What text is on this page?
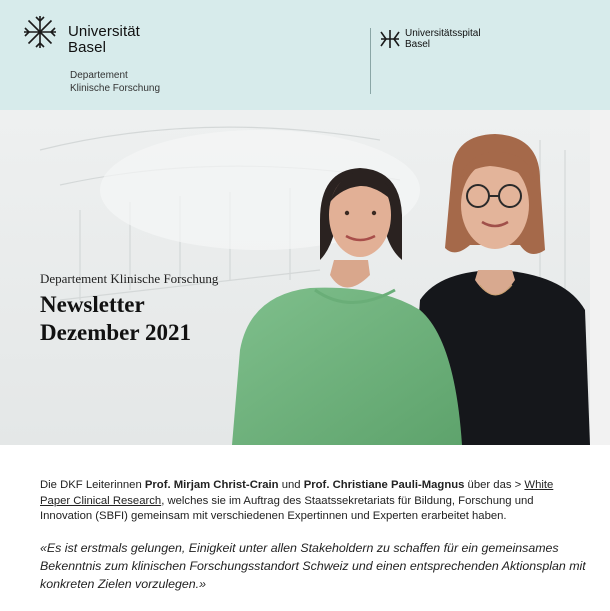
Universität
Basel
Departement
Klinische Forschung
Universitätsspital
Basel
Departement Klinische Forschung
Newsletter
Dezember 2021

Die DKF Leiterinnen Prof. Mirjam Christ-Crain und Prof. Christiane Pauli-Magnus über das > White Paper Clinical Research, welches sie im Auftrag des Staatssekretariats für Bildung, Forschung und Innovation (SBFI) gemeinsam mit verschiedenen Expertinnen und Experten erarbeitet haben.

«Es ist erstmals gelungen, Einigkeit unter allen Stakeholdern zu schaffen für ein gemeinsames Bekenntnis zum klinischen Forschungsstandort Schweiz und einen entsprechenden Aktionsplan mit konkreten Zielen vorzulegen.»
